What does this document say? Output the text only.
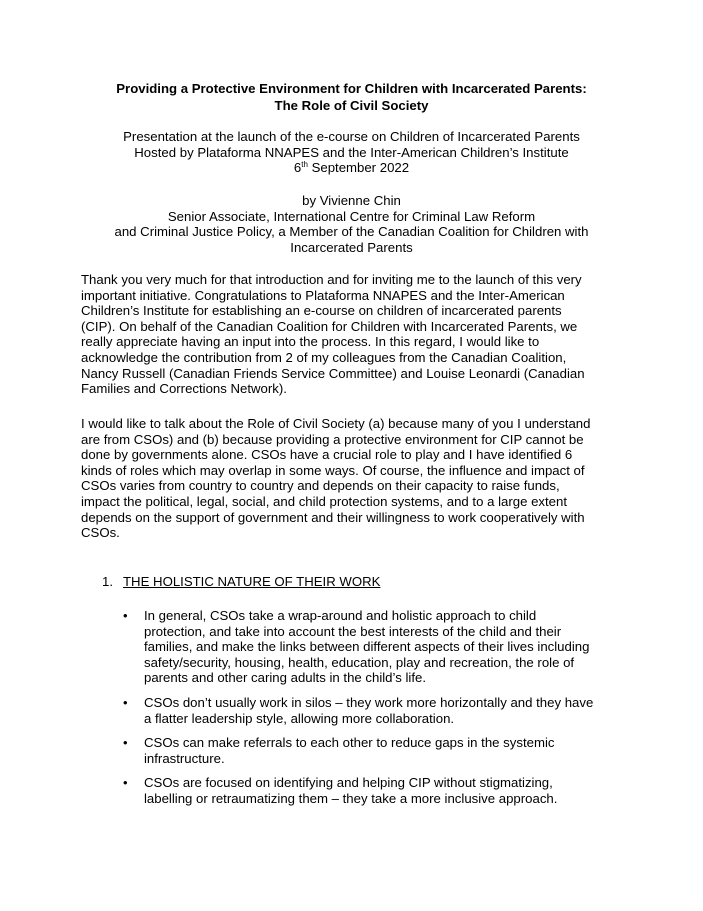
Providing a Protective Environment for Children with Incarcerated Parents:
The Role of Civil Society
Presentation at the launch of the e-course on Children of Incarcerated Parents
Hosted by Plataforma NNAPES and the Inter-American Children’s Institute
6th September 2022
by Vivienne Chin
Senior Associate, International Centre for Criminal Law Reform
and Criminal Justice Policy, a Member of the Canadian Coalition for Children with
Incarcerated Parents
Thank you very much for that introduction and for inviting me to the launch of this very
important initiative. Congratulations to Plataforma NNAPES and the Inter-American
Children’s Institute for establishing an e-course on children of incarcerated parents
(CIP). On behalf of the Canadian Coalition for Children with Incarcerated Parents, we
really appreciate having an input into the process. In this regard, I would like to
acknowledge the contribution from 2 of my colleagues from the Canadian Coalition,
Nancy Russell (Canadian Friends Service Committee) and Louise Leonardi (Canadian
Families and Corrections Network).
I would like to talk about the Role of Civil Society (a) because many of you I understand
are from CSOs) and (b) because providing a protective environment for CIP cannot be
done by governments alone. CSOs have a crucial role to play and I have identified 6
kinds of roles which may overlap in some ways. Of course, the influence and impact of
CSOs varies from country to country and depends on their capacity to raise funds,
impact the political, legal, social, and child protection systems, and to a large extent
depends on the support of government and their willingness to work cooperatively with
CSOs.
1. THE HOLISTIC NATURE OF THEIR WORK
• In general, CSOs take a wrap-around and holistic approach to child
protection, and take into account the best interests of the child and their
families, and make the links between different aspects of their lives including
safety/security, housing, health, education, play and recreation, the role of
parents and other caring adults in the child’s life.
• CSOs don’t usually work in silos – they work more horizontally and they have
a flatter leadership style, allowing more collaboration.
• CSOs can make referrals to each other to reduce gaps in the systemic
infrastructure.
• CSOs are focused on identifying and helping CIP without stigmatizing,
labelling or retraumatizing them – they take a more inclusive approach.
